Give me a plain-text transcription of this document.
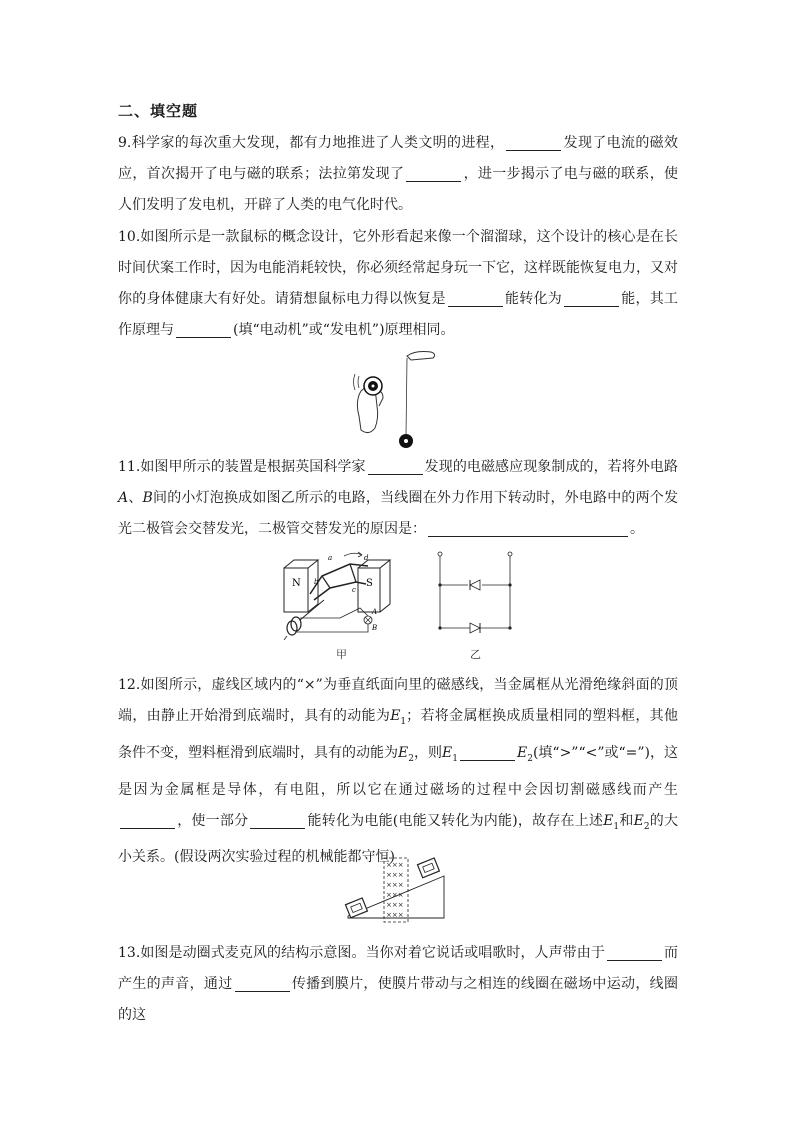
二、填空题
9.科学家的每次重大发现，都有力地推进了人类文明的进程，	发现了电流的磁效应，首次揭开了电与磁的联系；法拉第发现了	，进一步揭示了电与磁的联系，使人们发明了发电机，开辟了人类的电气化时代。
10.如图所示是一款鼠标的概念设计，它外形看起来像一个溜溜球，这个设计的核心是在长时间伏案工作时，因为电能消耗较快，你必须经常起身玩一下它，这样既能恢复电力，又对你的身体健康大有好处。请猜想鼠标电力得以恢复是	能转化为	能，其工作原理与	(填“电动机”或“发电机”)原理相同。
11.如图甲所示的装置是根据英国科学家	发现的电磁感应现象制成的，若将外电路A、B间的小灯泡换成如图乙所示的电路，当线圈在外力作用下转动时，外电路中的两个发光二极管会交替发光，二极管交替发光的原因是：	。
N	S
a
b
c
d
A
B
甲	乙
12.如图所示，虚线区域内的“×”为垂直纸面向里的磁感线，当金属框从光滑绝缘斜面的顶端，由静止开始滑到底端时，具有的动能为$E_1$；若将金属框换成质量相同的塑料框，其他条件不变，塑料框滑到底端时，具有的动能为$E_2$，则$E_1$	$E_2$(填“>”“<”或“=”)，这是因为金属框是导体，有电阻，所以它在通过磁场的过程中会因切割磁感线而产生，使一部分	能转化为电能(电能又转化为内能)，故存在上述$E_1$和$E_2$的大小关系。(假设两次实验过程的机械能都守恒)
×××
×××
×××
×××
×××
×××
13.如图是动圈式麦克风的结构示意图。当你对着它说话或唱歌时，人声带由于	而产生的声音，通过	传播到膜片，使膜片带动与之相连的线圈在磁场中运动，线圈的这
